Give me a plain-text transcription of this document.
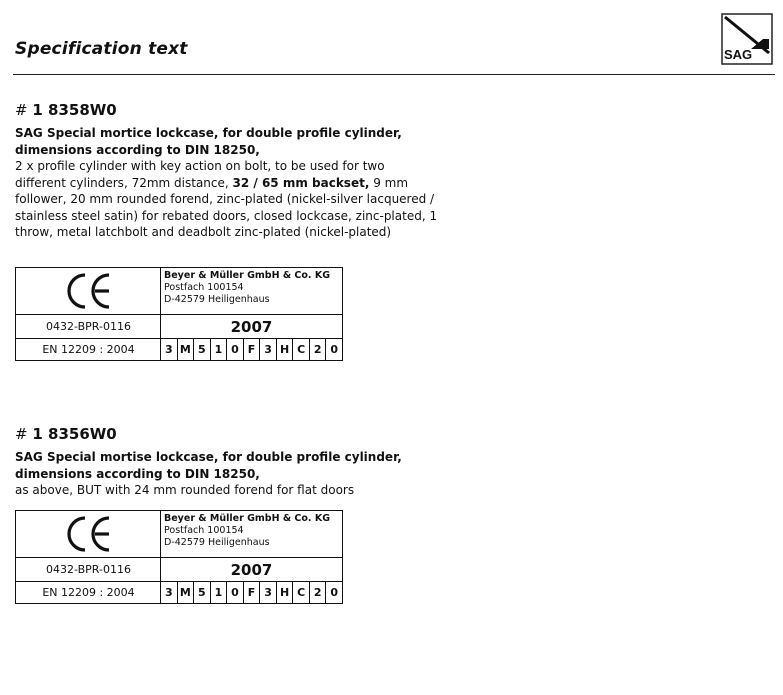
Specification text	SAG
# 1 8358W0
SAG Special mortice lockcase, for double profile cylinder,
dimensions according to DIN 18250,
2 x profile cylinder with key action on bolt, to be used for two
different cylinders, 72mm distance, 32 / 65 mm backset, 9 mm
follower, 20 mm rounded forend, zinc-plated (nickel-silver lacquered /
stainless steel satin) for rebated doors, closed lockcase, zinc-plated, 1
throw, metal latchbolt and deadbolt zinc-plated (nickel-plated)
0432-BPR-0116
EN 12209 : 2004
Beyer & Müller GmbH & Co. KG
Postfach 100154
D-42579 Heiligenhaus
2007
3 M 5 1 0 F 3 H C 2 0
# 1 8356W0
SAG Special mortise lockcase, for double profile cylinder,
dimensions according to DIN 18250,
as above, BUT with 24 mm rounded forend for flat doors
0432-BPR-0116
EN 12209 : 2004
Beyer & Müller GmbH & Co. KG
Postfach 100154
D-42579 Heiligenhaus
2007
3 M 5 1 0 F 3 H C 2 0
